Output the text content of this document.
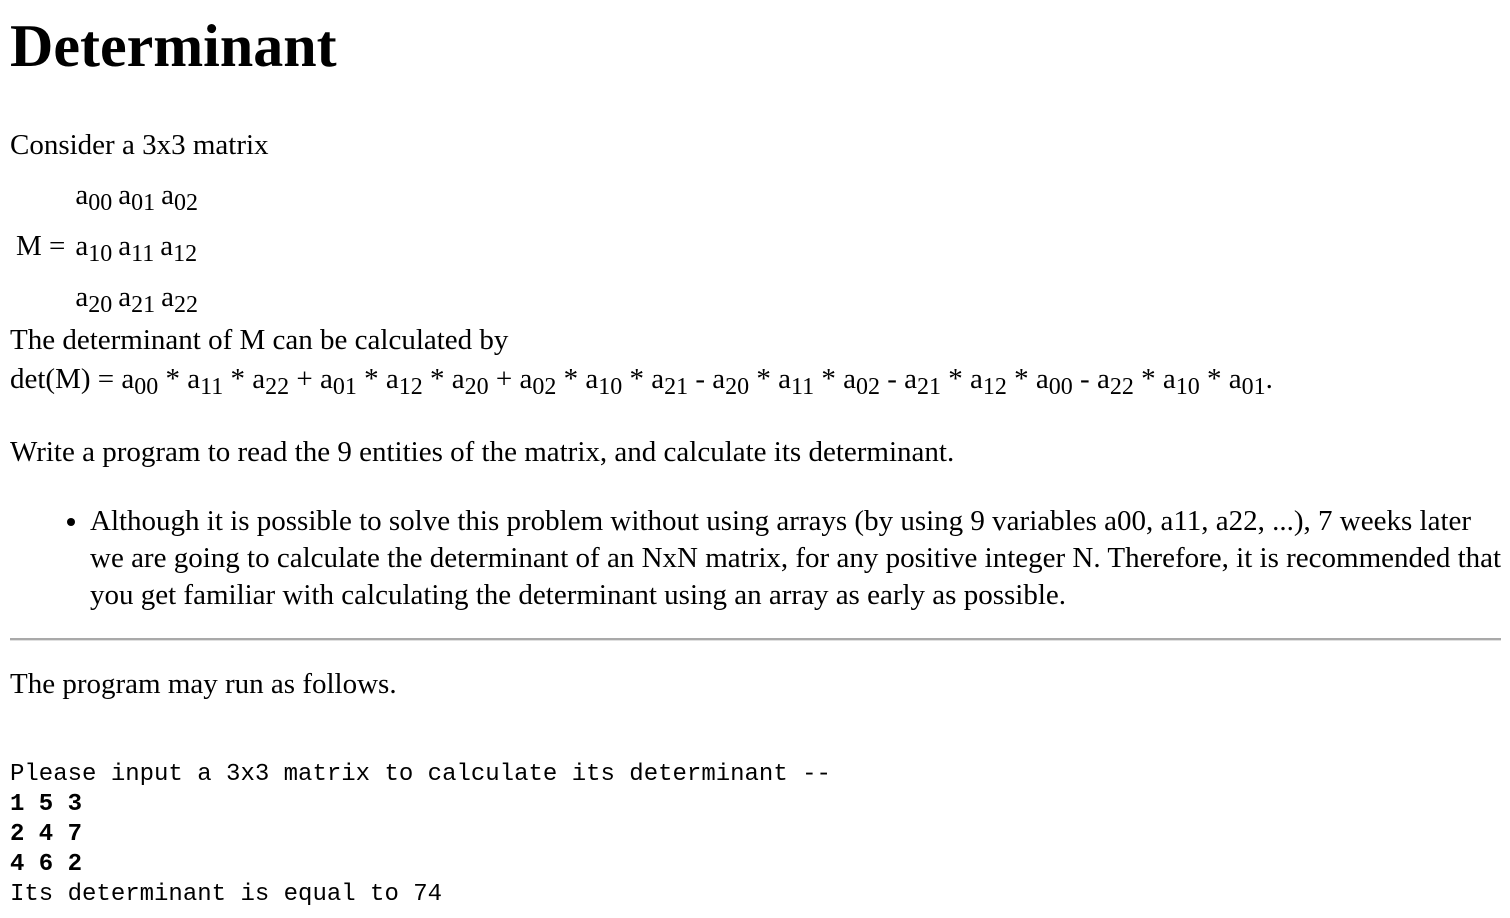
Determinant

Consider a 3x3 matrix

	$a_{00}$ $a_{01}$ $a_{02}$
M =	$a_{10}$ $a_{11}$ $a_{12}$
	$a_{20}$ $a_{21}$ $a_{22}$

The determinant of M can be calculated by

$\det(M) = a_{00} * a_{11} * a_{22} + a_{01} * a_{12} * a_{20} + a_{02} * a_{10} * a_{21} - a_{20} * a_{11} * a_{02} - a_{21} * a_{12} * a_{00} - a_{22} * a_{10} * a_{01}$.

Write a program to read the 9 entities of the matrix, and calculate its determinant.

• Although it is possible to solve this problem without using arrays (by using 9 variables a00, a11, a22, ...), 7 weeks later we are going to calculate the determinant of an NxN matrix, for any positive integer N. Therefore, it is recommended that you get familiar with calculating the determinant using an array as early as possible.

The program may run as follows.

Please input a 3x3 matrix to calculate its determinant --
1 5 3
2 4 7
4 6 2
Its determinant is equal to 74
